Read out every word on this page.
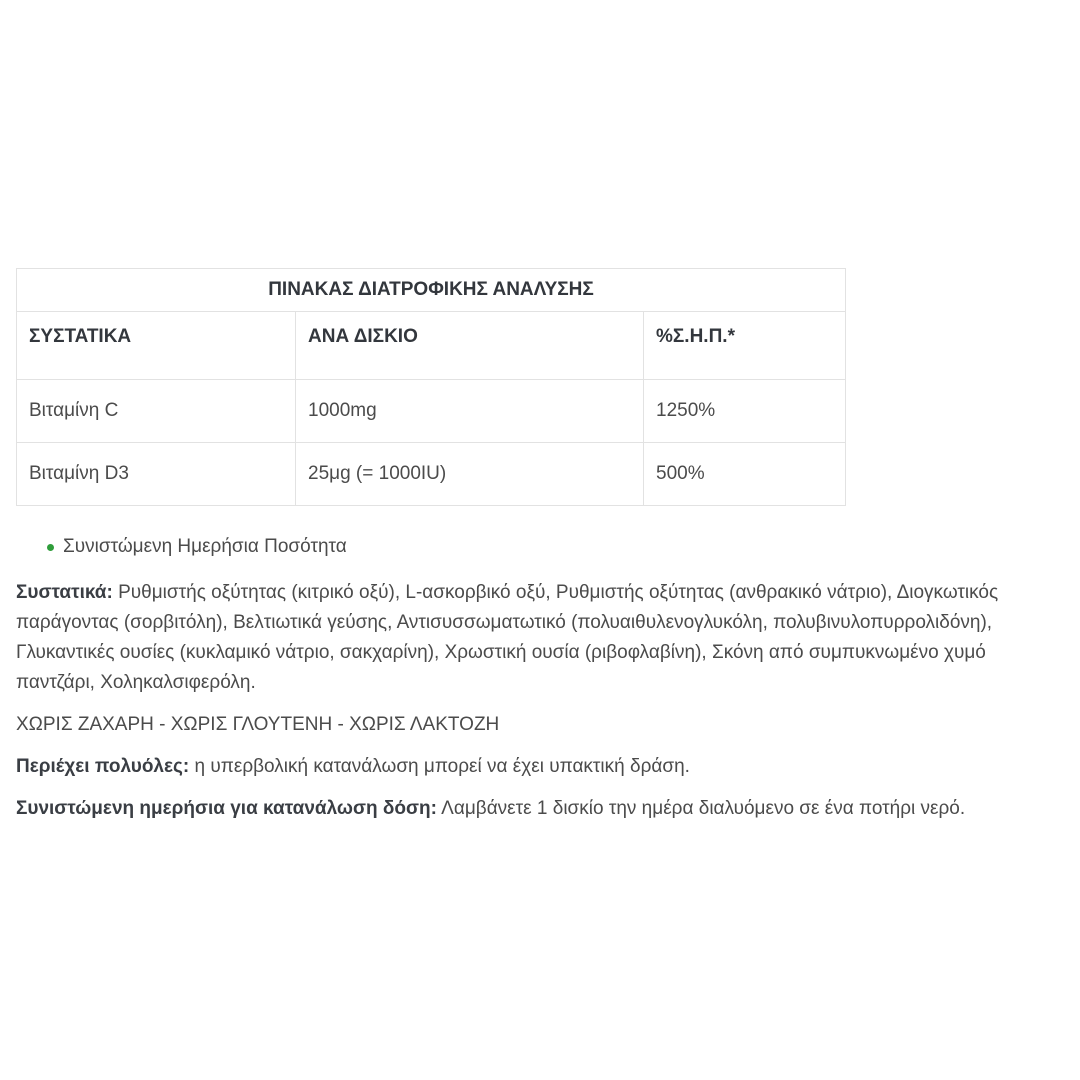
ΠΙΝΑΚΑΣ ΔΙΑΤΡΟΦΙΚΗΣ ΑΝΑΛΥΣΗΣ		
ΣΥΣΤΑΤΙΚΑ	ΑΝΑ ΔΙΣΚΙΟ	%Σ.Η.Π.*
Βιταμίνη C	1000mg	1250%
Βιταμίνη D3	25μg (= 1000IU)	500%
Συνιστώμενη Ημερήσια Ποσότητα

Συστατικά: Ρυθμιστής οξύτητας (κιτρικό οξύ), L-ασκορβικό οξύ, Ρυθμιστής οξύτητας (ανθρακικό νάτριο), Διογκωτικός παράγοντας (σορβιτόλη), Βελτιωτικά γεύσης, Αντισυσσωματωτικό (πολυαιθυλενογλυκόλη, πολυβινυλοπυρρολιδόνη), Γλυκαντικές ουσίες (κυκλαμικό νάτριο, σακχαρίνη), Χρωστική ουσία (ριβοφλαβίνη), Σκόνη από συμπυκνωμένο χυμό παντζάρι, Χοληκαλσιφερόλη.

ΧΩΡΙΣ ΖΑΧΑΡΗ - ΧΩΡΙΣ ΓΛΟΥΤΕΝΗ - ΧΩΡΙΣ ΛΑΚΤΟΖΗ

Περιέχει πολυόλες: η υπερβολική κατανάλωση μπορεί να έχει υπακτική δράση.

Συνιστώμενη ημερήσια για κατανάλωση δόση: Λαμβάνετε 1 δισκίο την ημέρα διαλυόμενο σε ένα ποτήρι νερό.
